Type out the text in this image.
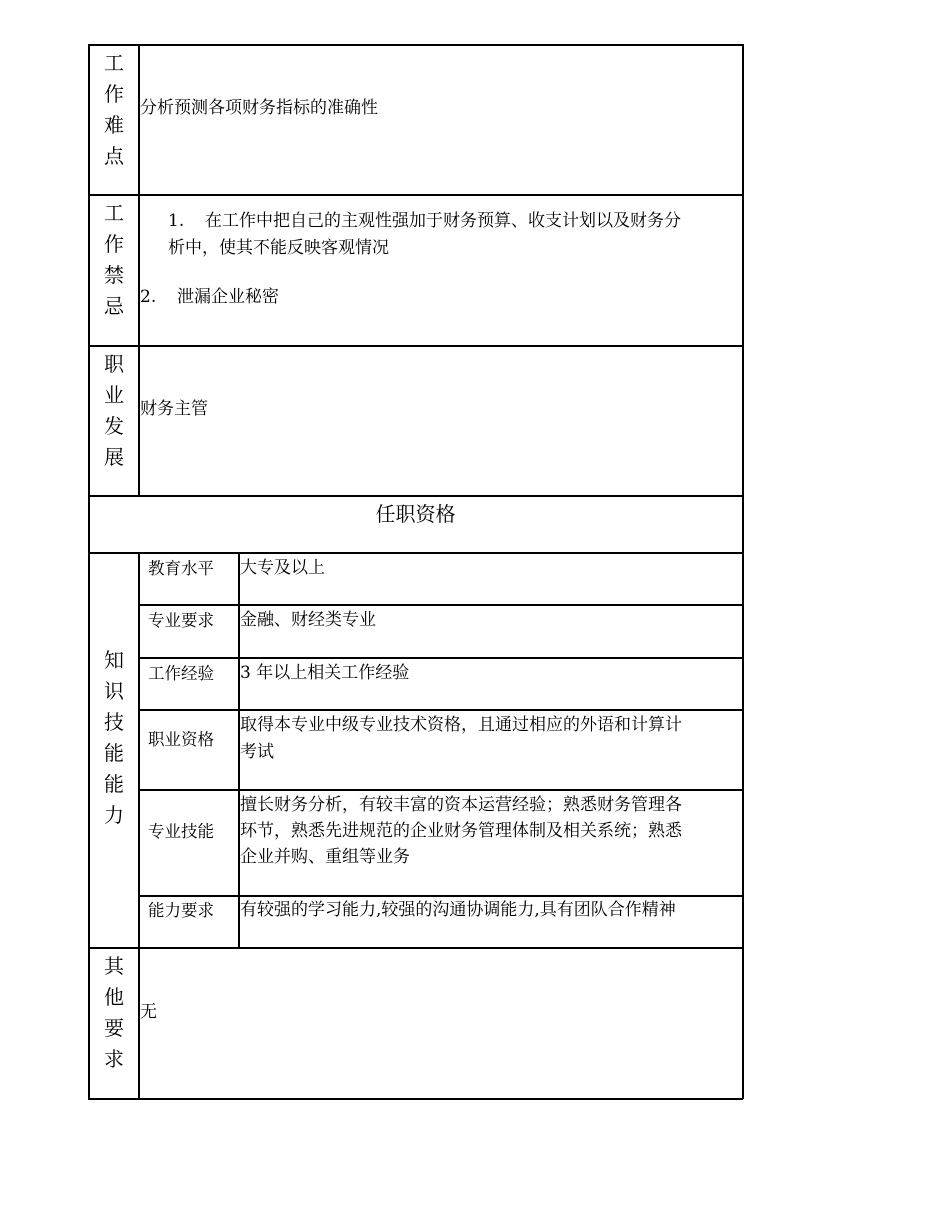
工
作
难
点
分析预测各项财务指标的准确性
工
作
禁
忌
1. 在工作中把自己的主观性强加于财务预算、收支计划以及财务分
析中，使其不能反映客观情况
2. 泄漏企业秘密
职
业
发
展
财务主管
任职资格
知
识
技
能
能
力
教育水平 大专及以上
专业要求 金融、财经类专业
工作经验 3 年以上相关工作经验
职业资格
取得本专业中级专业技术资格，且通过相应的外语和计算计
考试
专业技能
擅长财务分析，有较丰富的资本运营经验；熟悉财务管理各
环节，熟悉先进规范的企业财务管理体制及相关系统；熟悉
企业并购、重组等业务
能力要求 有较强的学习能力,较强的沟通协调能力,具有团队合作精神
其
他
要
求
无
